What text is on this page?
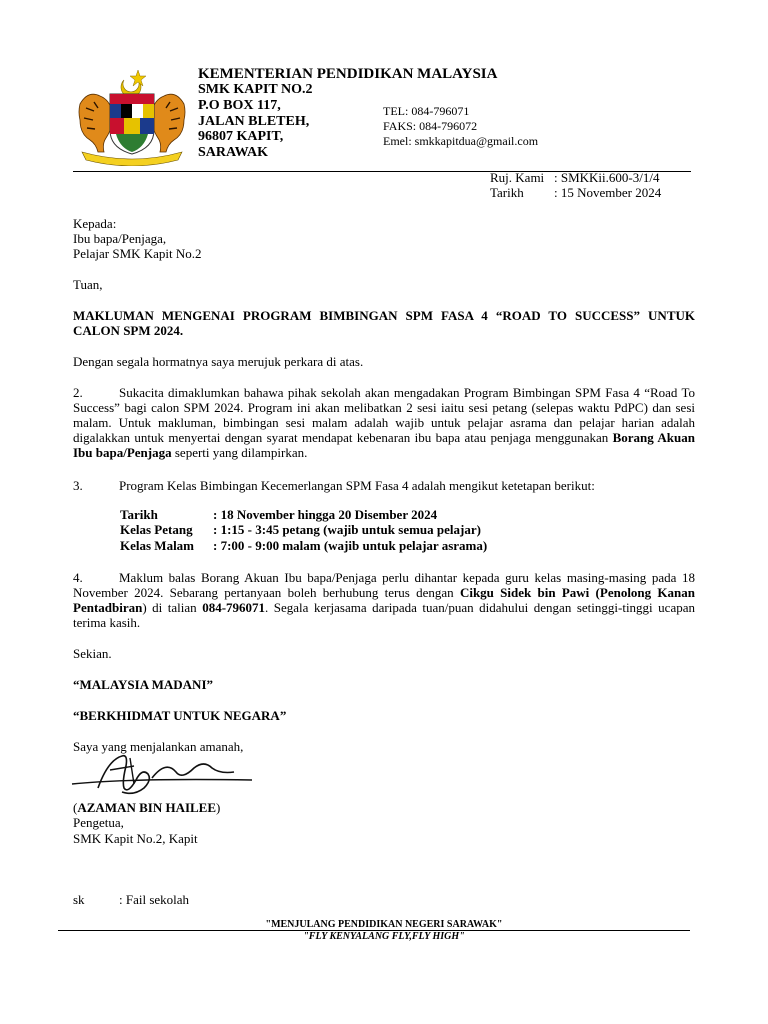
KEMENTERIAN PENDIDIKAN MALAYSIA
SMK KAPIT NO.2
P.O BOX 117,
JALAN BLETEH,
96807 KAPIT,
SARAWAK
TEL: 084-796071
FAKS: 084-796072
Emel: smkkapitdua@gmail.com
Ruj. Kami : SMKKii.600-3/1/4
Tarikh : 15 November 2024
Kepada:
Ibu bapa/Penjaga,
Pelajar SMK Kapit No.2
Tuan,
MAKLUMAN MENGENAI PROGRAM BIMBINGAN SPM FASA 4 “ROAD TO SUCCESS” UNTUK CALON SPM 2024.
Dengan segala hormatnya saya merujuk perkara di atas.
2.	Sukacita dimaklumkan bahawa pihak sekolah akan mengadakan Program Bimbingan SPM Fasa 4 “Road To Success” bagi calon SPM 2024. Program ini akan melibatkan 2 sesi iaitu sesi petang (selepas waktu PdPC) dan sesi malam. Untuk makluman, bimbingan sesi malam adalah wajib untuk pelajar asrama dan pelajar harian adalah digalakkan untuk menyertai dengan syarat mendapat kebenaran ibu bapa atau penjaga menggunakan Borang Akuan Ibu bapa/Penjaga seperti yang dilampirkan.
3.	Program Kelas Bimbingan Kecemerlangan SPM Fasa 4 adalah mengikut ketetapan berikut:
Tarikh	: 18 November hingga 20 Disember 2024
Kelas Petang : 1:15 - 3:45 petang (wajib untuk semua pelajar)
Kelas Malam : 7:00 - 9:00 malam (wajib untuk pelajar asrama)
4.	Maklum balas Borang Akuan Ibu bapa/Penjaga perlu dihantar kepada guru kelas masing-masing pada 18 November 2024. Sebarang pertanyaan boleh berhubung terus dengan Cikgu Sidek bin Pawi (Penolong Kanan Pentadbiran) di talian 084-796071. Segala kerjasama daripada tuan/puan didahului dengan setinggi-tinggi ucapan terima kasih.
Sekian.
“MALAYSIA MADANI”
“BERKHIDMAT UNTUK NEGARA”
Saya yang menjalankan amanah,
(AZAMAN BIN HAILEE)
Pengetua,
SMK Kapit No.2, Kapit
sk	: Fail sekolah
"MENJULANG PENDIDIKAN NEGERI SARAWAK"
"FLY KENYALANG FLY,FLY HIGH"
